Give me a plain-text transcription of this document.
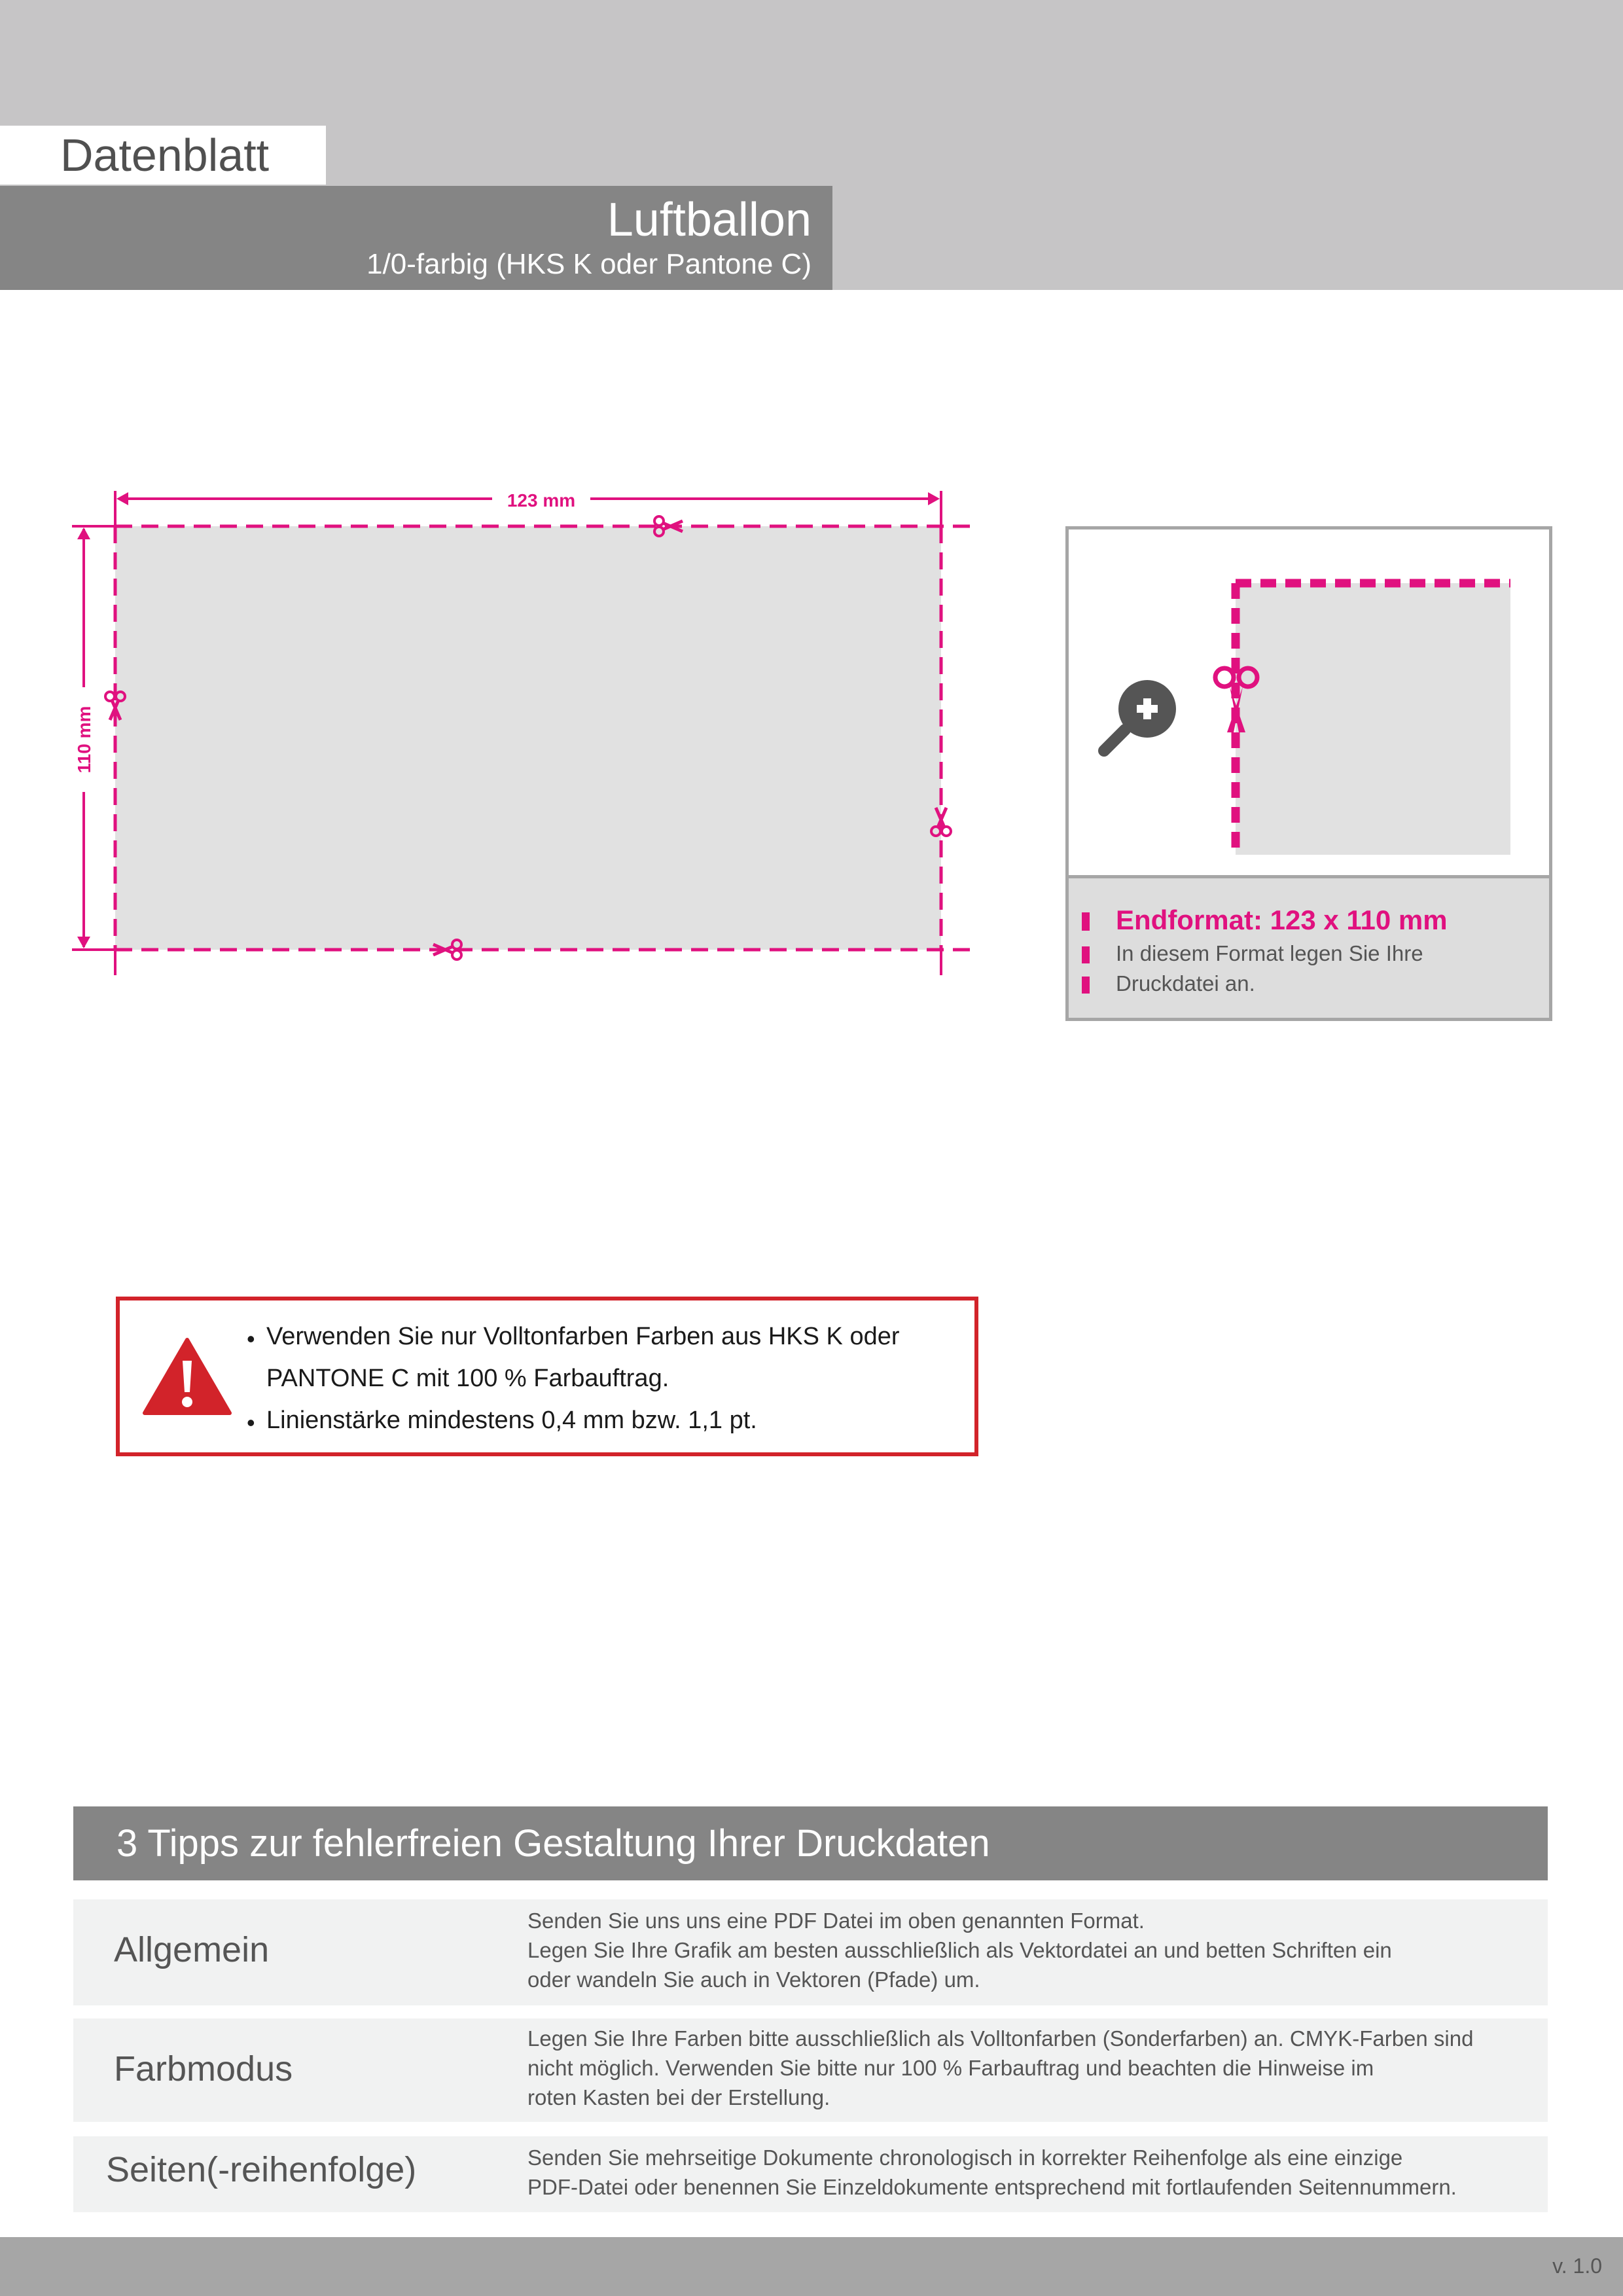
Datenblatt
Luftballon
1/0-farbig (HKS K oder Pantone C)
123 mm
110 mm
Endformat: 123 x 110 mm
In diesem Format legen Sie Ihre
Druckdatei an.
• Verwenden Sie nur Volltonfarben Farben aus HKS K oder
PANTONE C mit 100 % Farbauftrag.
• Linienstärke mindestens 0,4 mm bzw. 1,1 pt.
3 Tipps zur fehlerfreien Gestaltung Ihrer Druckdaten
Allgemein
Senden Sie uns uns eine PDF Datei im oben genannten Format.
Legen Sie Ihre Grafik am besten ausschließlich als Vektordatei an und betten Schriften ein
oder wandeln Sie auch in Vektoren (Pfade) um.
Farbmodus
Legen Sie Ihre Farben bitte ausschließlich als Volltonfarben (Sonderfarben) an. CMYK-Farben sind
nicht möglich. Verwenden Sie bitte nur 100 % Farbauftrag und beachten die Hinweise im
roten Kasten bei der Erstellung.
Seiten(-reihenfolge)	Senden Sie mehrseitige Dokumente chronologisch in korrekter Reihenfolge als eine einzige
PDF-Datei oder benennen Sie Einzeldokumente entsprechend mit fortlaufenden Seitennummern.
v. 1.0
